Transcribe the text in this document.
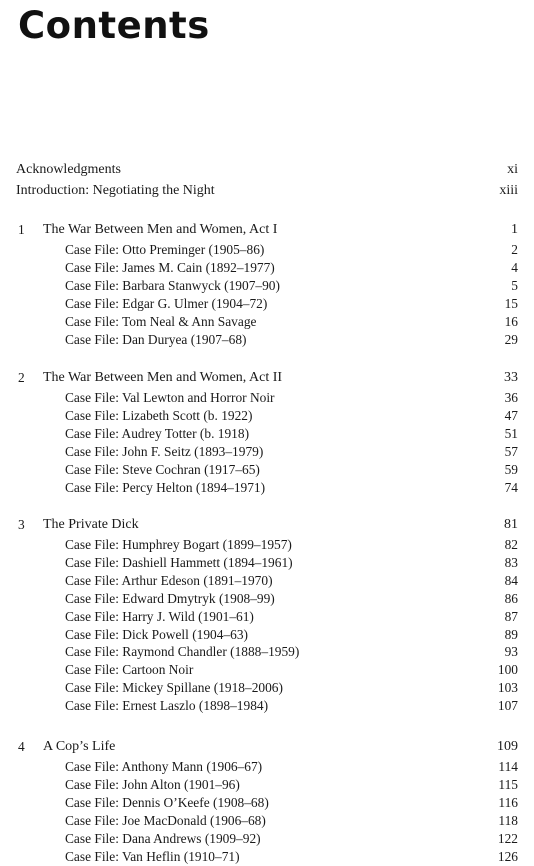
Contents
Acknowledgments	xi
Introduction: Negotiating the Night	xiii
1 The War Between Men and Women, Act I	1
Case File: Otto Preminger (1905–86)	2
Case File: James M. Cain (1892–1977)	4
Case File: Barbara Stanwyck (1907–90)	5
Case File: Edgar G. Ulmer (1904–72)	15
Case File: Tom Neal & Ann Savage	16
Case File: Dan Duryea (1907–68)	29
2 The War Between Men and Women, Act II	33
Case File: Val Lewton and Horror Noir	36
Case File: Lizabeth Scott (b. 1922)	47
Case File: Audrey Totter (b. 1918)	51
Case File: John F. Seitz (1893–1979)	57
Case File: Steve Cochran (1917–65)	59
Case File: Percy Helton (1894–1971)	74
3 The Private Dick	81
Case File: Humphrey Bogart (1899–1957)	82
Case File: Dashiell Hammett (1894–1961)	83
Case File: Arthur Edeson (1891–1970)	84
Case File: Edward Dmytryk (1908–99)	86
Case File: Harry J. Wild (1901–61)	87
Case File: Dick Powell (1904–63)	89
Case File: Raymond Chandler (1888–1959)	93
Case File: Cartoon Noir	100
Case File: Mickey Spillane (1918–2006)	103
Case File: Ernest Laszlo (1898–1984)	107
4 A Cop’s Life	109
Case File: Anthony Mann (1906–67)	114
Case File: John Alton (1901–96)	115
Case File: Dennis O’Keefe (1908–68)	116
Case File: Joe MacDonald (1906–68)	118
Case File: Dana Andrews (1909–92)	122
Case File: Van Heflin (1910–71)	126
